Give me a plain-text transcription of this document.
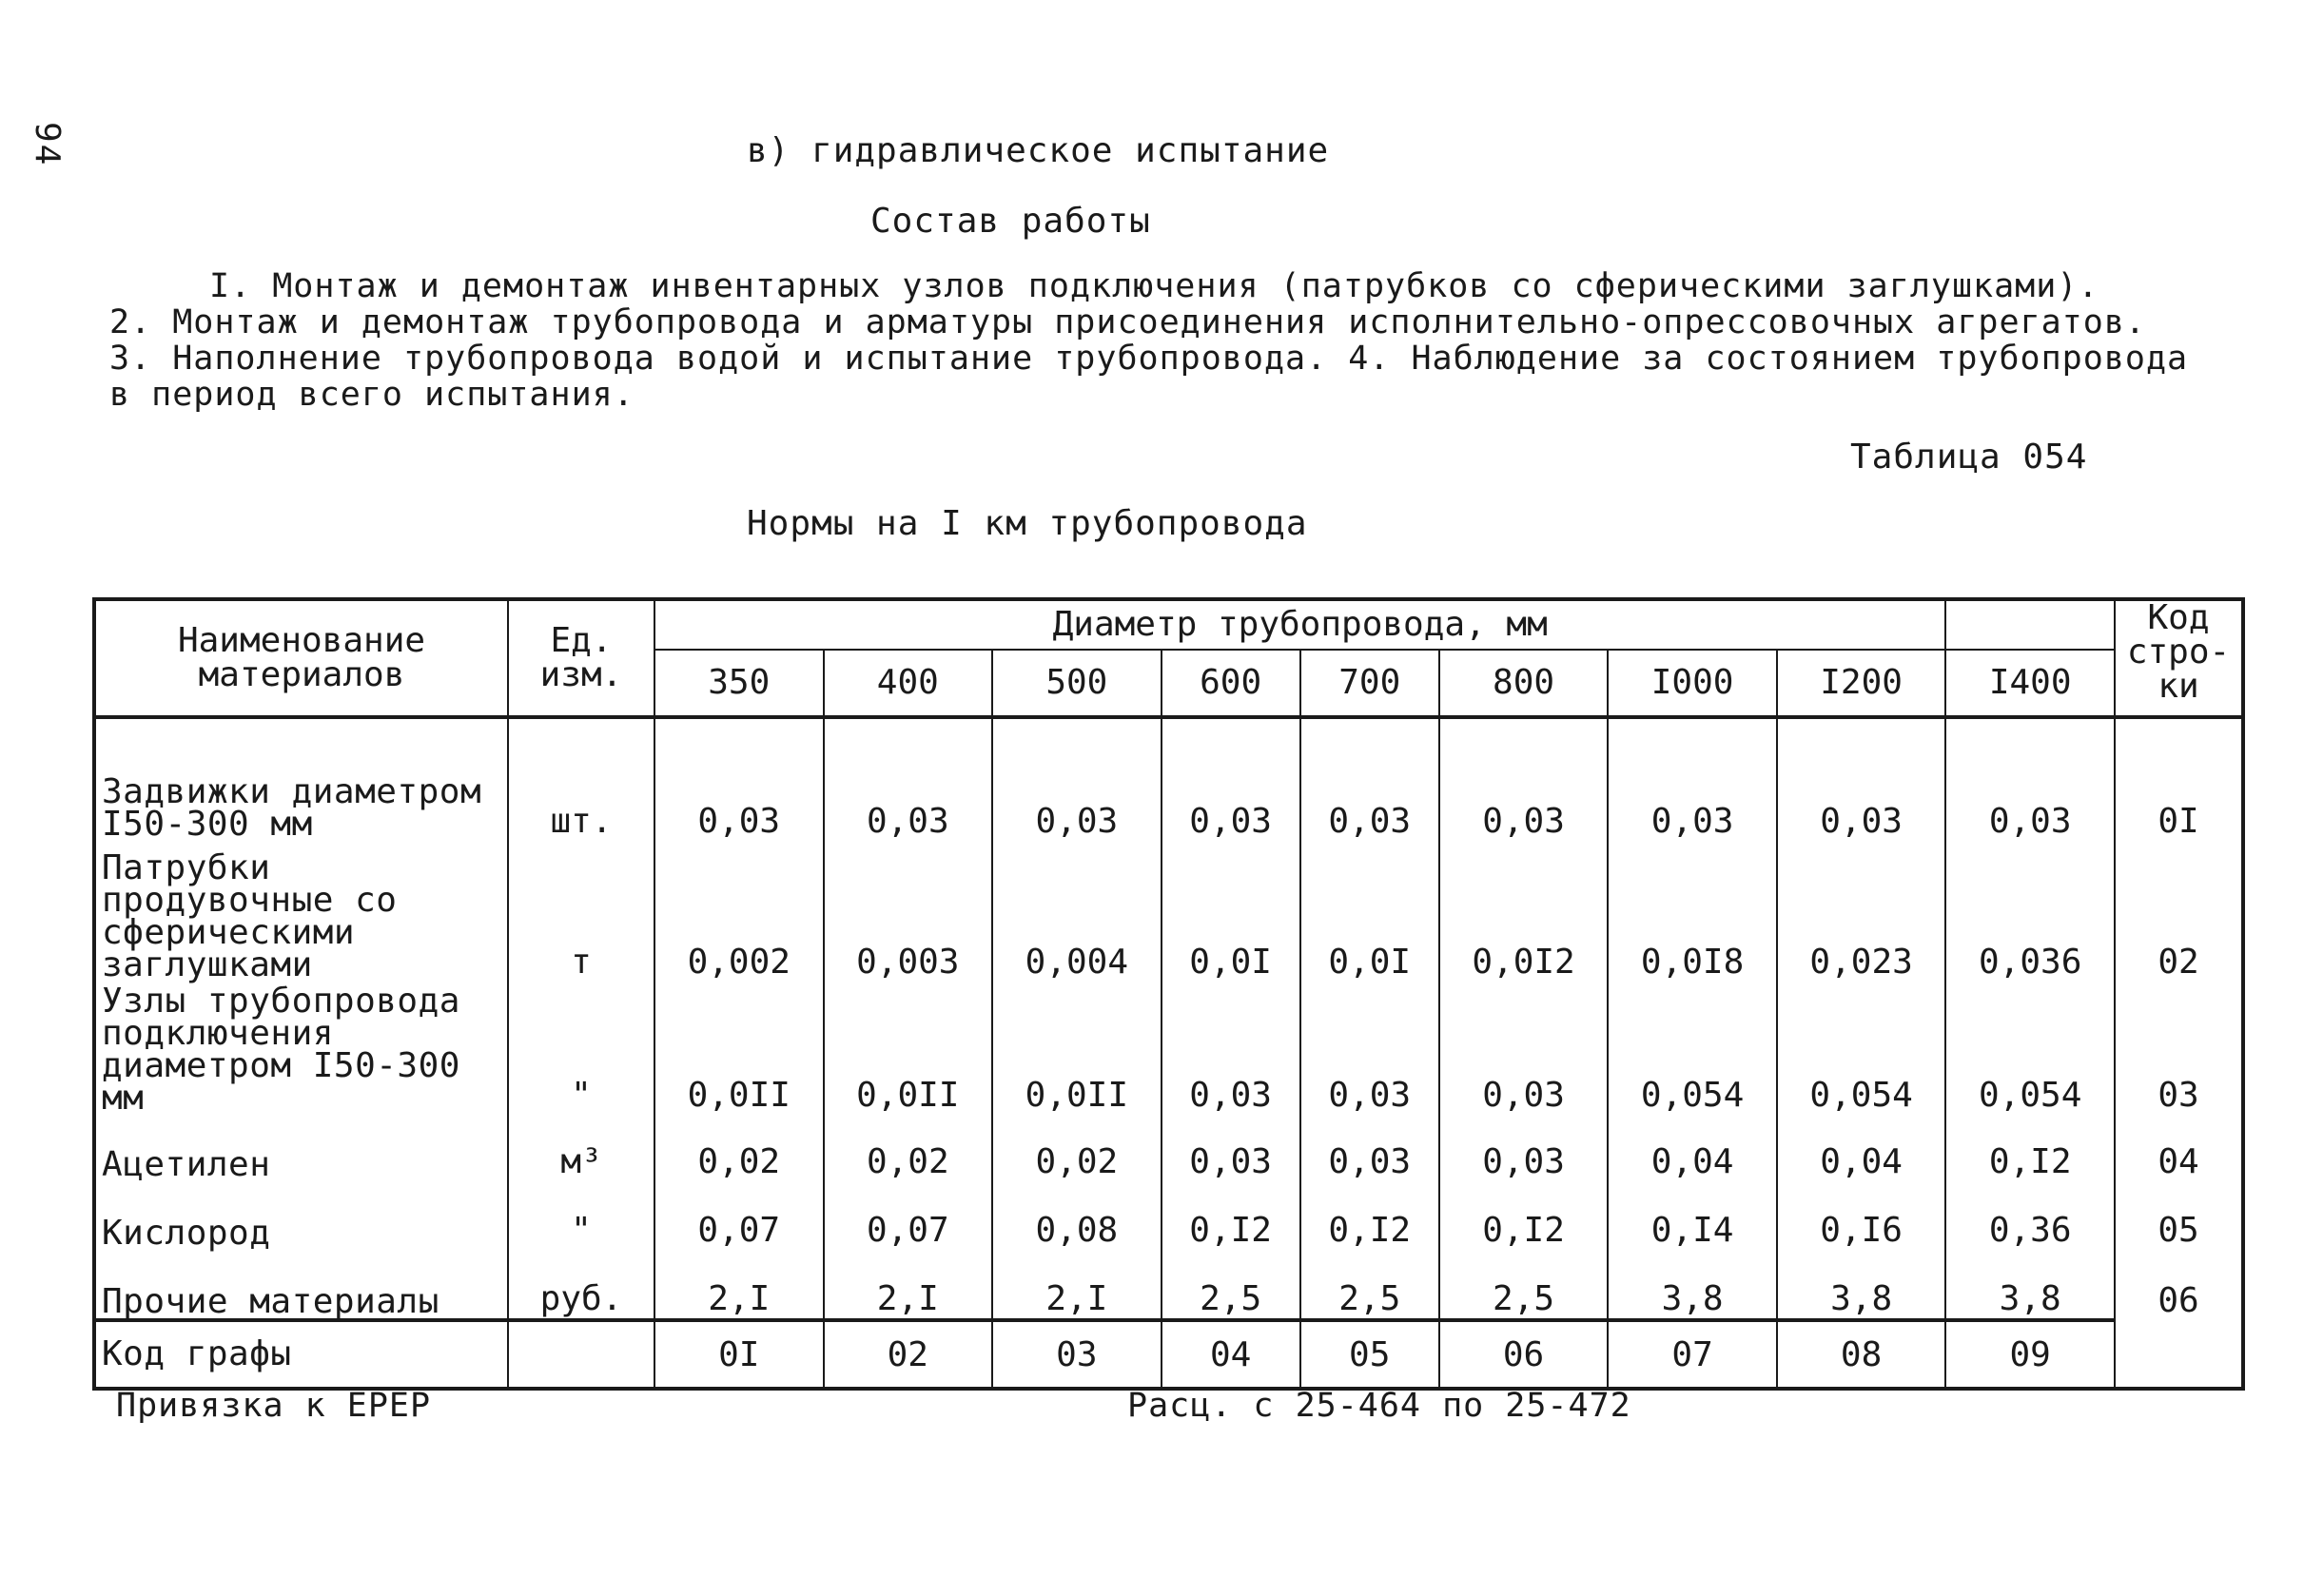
94	в) гидравлическое испытание
Состав работы

I. Монтаж и демонтаж инвентарных узлов подключения (патрубков со сферическими заглушками).

2. Монтаж и демонтаж трубопровода и арматуры присоединения исполнительно-опрессовочных агрегатов.

3. Наполнение трубопровода водой и испытание трубопровода. 4. Наблюдение за состоянием трубопровода

в период всего испытания.

Таблица 054
Нормы на I км трубопровода
Наименование материалов	Ед. изм.	Диаметр трубопровода, мм									Код стро-ки
		350	400	500	600	700	800	I000	I200	I400	
Задвижки диаметром I50-300 мм	шт.	0,03	0,03	0,03	0,03	0,03	0,03	0,03	0,03	0,03	0I
Патрубки продувочные со сферическими заглушками	т	0,002	0,003	0,004	0,0I	0,0I	0,0I2	0,0I8	0,023	0,036	02
Узлы трубопровода подключения диаметром I50-300 мм	"	0,0II	0,0II	0,0II	0,03	0,03	0,03	0,054	0,054	0,054	03
Ацетилен	м³	0,02	0,02	0,02	0,03	0,03	0,03	0,04	0,04	0,I2	04
Кислород	"	0,07	0,07	0,08	0,I2	0,I2	0,I2	0,I4	0,I6	0,36	05
Прочие материалы	руб.	2,I	2,I	2,I	2,5	2,5	2,5	3,8	3,8	3,8	06
Код графы		0I	02	03	04	05	06	07	08	09	
Привязка к ЕРЕР	Расц. с 25-464 по 25-472
